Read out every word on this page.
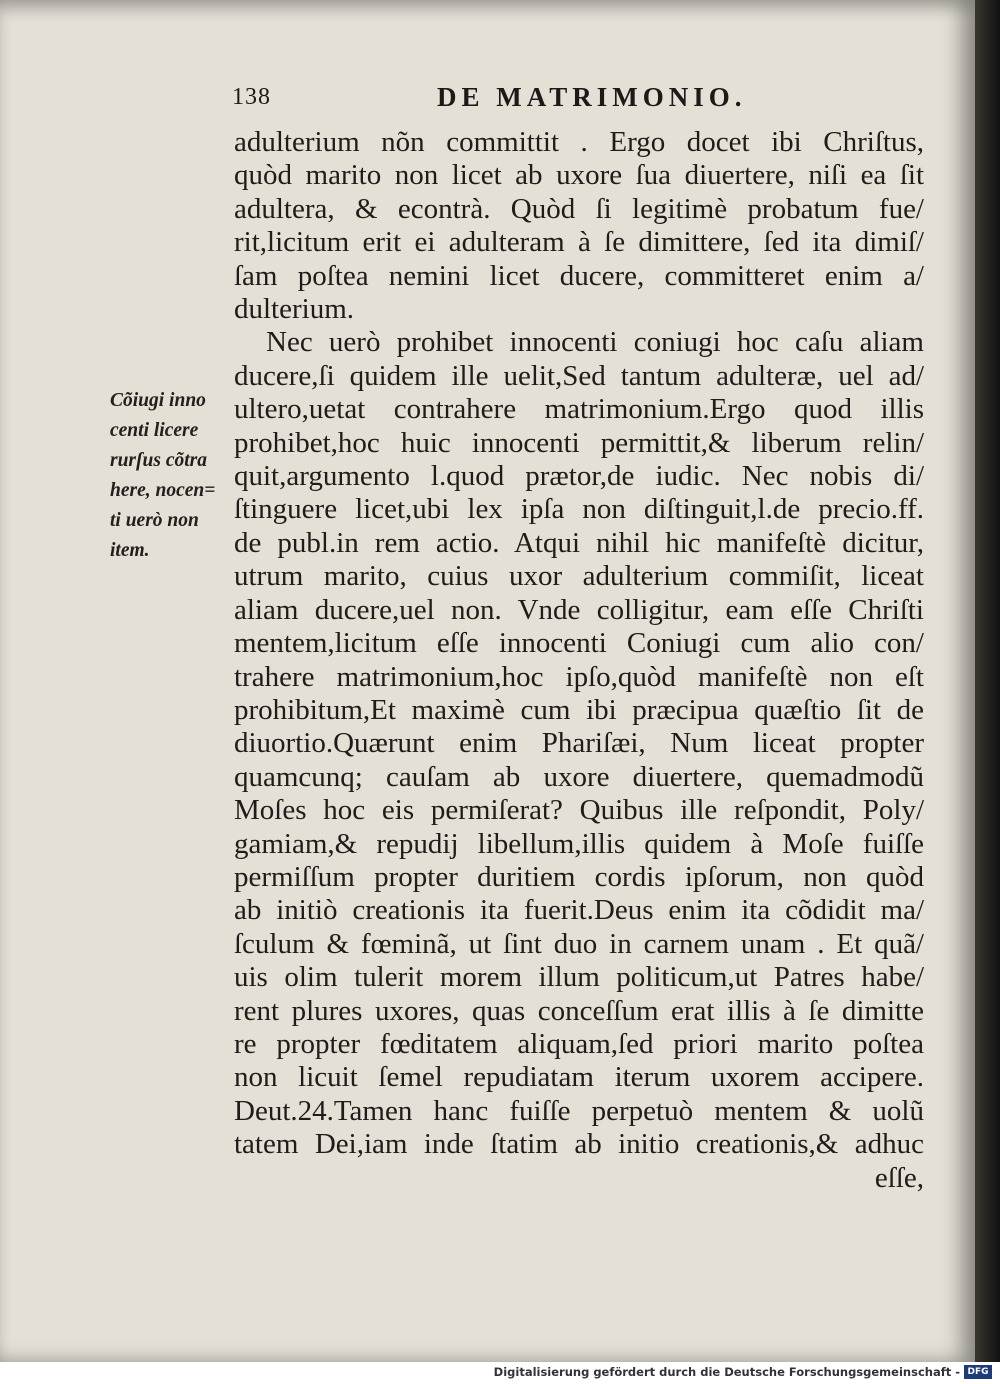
138	DE MATRIMONIO.
Cõiugi inno
centi licere
rurſus cõtra
here, nocen=
ti uerò non
item.
adulterium nõn committit . Ergo docet ibi Chriſtus,
quòd marito non licet ab uxore ſua diuertere, niſi ea ſit
adultera, & econtrà. Quòd ſi legitimè probatum fue/
rit,licitum erit ei adulteram à ſe dimittere, ſed ita dimiſ/
ſam poſtea nemini licet ducere, committeret enim a/
dulterium.
Nec uerò prohibet innocenti coniugi hoc caſu aliam
ducere,ſi quidem ille uelit,Sed tantum adulteræ, uel ad/
ultero,uetat contrahere matrimonium.Ergo quod illis
prohibet,hoc huic innocenti permittit,& liberum relin/
quit,argumento l.quod prætor,de iudic. Nec nobis di/
ſtinguere licet,ubi lex ipſa non diſtinguit,l.de precio.ff.
de publ.in rem actio. Atqui nihil hic manifeſtè dicitur,
utrum marito, cuius uxor adulterium commiſit, liceat
aliam ducere,uel non. Vnde colligitur, eam eſſe Chriſti
mentem,licitum eſſe innocenti Coniugi cum alio con/
trahere matrimonium,hoc ipſo,quòd manifeſtè non eſt
prohibitum,Et maximè cum ibi præcipua quæſtio ſit de
diuortio.Quærunt enim Phariſæi, Num liceat propter
quamcunq; cauſam ab uxore diuertere, quemadmodũ
Moſes hoc eis permiſerat? Quibus ille reſpondit, Poly/
gamiam,& repudij libellum,illis quidem à Moſe fuiſſe
permiſſum propter duritiem cordis ipſorum, non quòd
ab initiò creationis ita fuerit.Deus enim ita cõdidit ma/
ſculum & fœminã, ut ſint duo in carnem unam . Et quã/
uis olim tulerit morem illum politicum,ut Patres habe/
rent plures uxores, quas conceſſum erat illis à ſe dimitte
re propter fœditatem aliquam,ſed priori marito poſtea
non licuit ſemel repudiatam iterum uxorem accipere.
Deut.24.Tamen hanc fuiſſe perpetuò mentem & uolũ
tatem Dei,iam inde ſtatim ab initio creationis,& adhuc
eſſe,
Digitalisierung gefördert durch die Deutsche Forschungsgemeinschaft - DFG
